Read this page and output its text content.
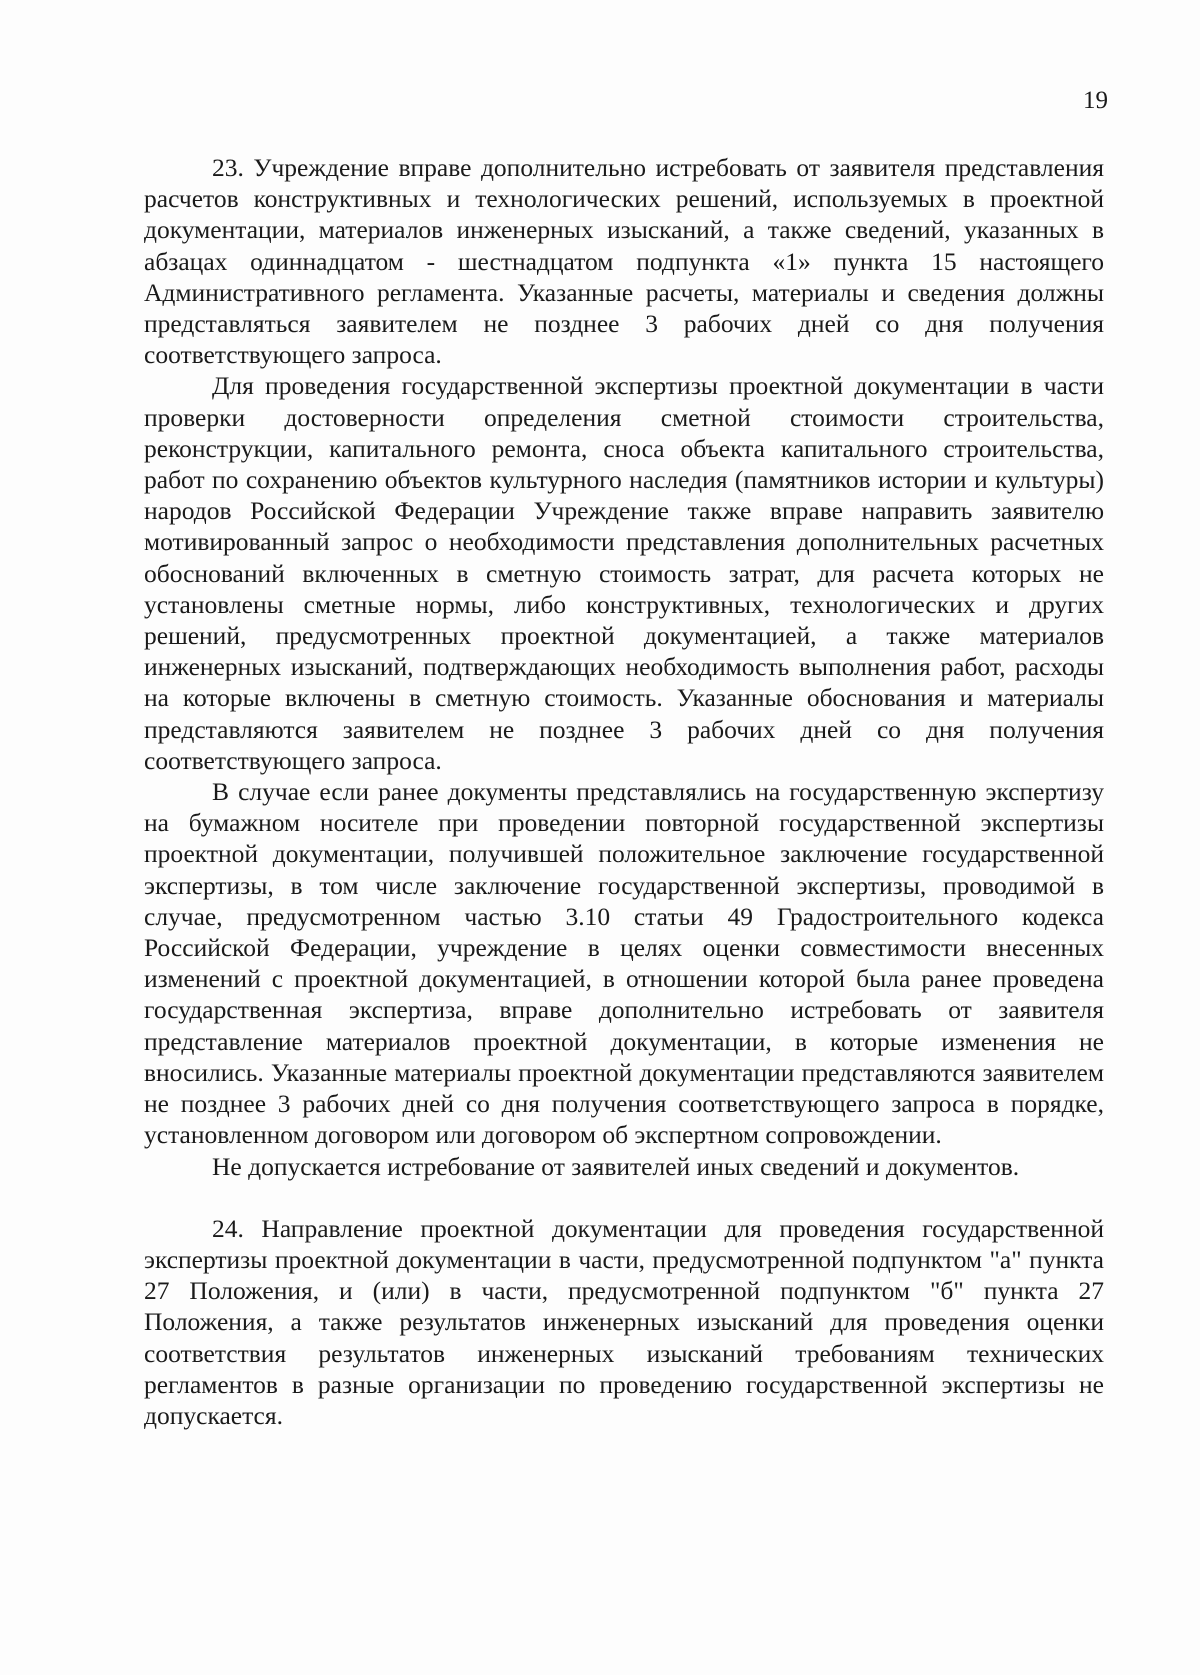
19

23. Учреждение вправе дополнительно истребовать от заявителя представления расчетов конструктивных и технологических решений, используемых в проектной документации, материалов инженерных изысканий, а также сведений, указанных в абзацах одиннадцатом - шестнадцатом подпункта «1» пункта 15 настоящего Административного регламента. Указанные расчеты, материалы и сведения должны представляться заявителем не позднее 3 рабочих дней со дня получения соответствующего запроса.

Для проведения государственной экспертизы проектной документации в части проверки достоверности определения сметной стоимости строительства, реконструкции, капитального ремонта, сноса объекта капитального строительства, работ по сохранению объектов культурного наследия (памятников истории и культуры) народов Российской Федерации Учреждение также вправе направить заявителю мотивированный запрос о необходимости представления дополнительных расчетных обоснований включенных в сметную стоимость затрат, для расчета которых не установлены сметные нормы, либо конструктивных, технологических и других решений, предусмотренных проектной документацией, а также материалов инженерных изысканий, подтверждающих необходимость выполнения работ, расходы на которые включены в сметную стоимость. Указанные обоснования и материалы представляются заявителем не позднее 3 рабочих дней со дня получения соответствующего запроса.

В случае если ранее документы представлялись на государственную экспертизу на бумажном носителе при проведении повторной государственной экспертизы проектной документации, получившей положительное заключение государственной экспертизы, в том числе заключение государственной экспертизы, проводимой в случае, предусмотренном частью 3.10 статьи 49 Градостроительного кодекса Российской Федерации, учреждение в целях оценки совместимости внесенных изменений с проектной документацией, в отношении которой была ранее проведена государственная экспертиза, вправе дополнительно истребовать от заявителя представление материалов проектной документации, в которые изменения не вносились. Указанные материалы проектной документации представляются заявителем не позднее 3 рабочих дней со дня получения соответствующего запроса в порядке, установленном договором или договором об экспертном сопровождении.

Не допускается истребование от заявителей иных сведений и документов.

24. Направление проектной документации для проведения государственной экспертизы проектной документации в части, предусмотренной подпунктом "а" пункта 27 Положения, и (или) в части, предусмотренной подпунктом "б" пункта 27 Положения, а также результатов инженерных изысканий для проведения оценки соответствия результатов инженерных изысканий требованиям технических регламентов в разные организации по проведению государственной экспертизы не допускается.
